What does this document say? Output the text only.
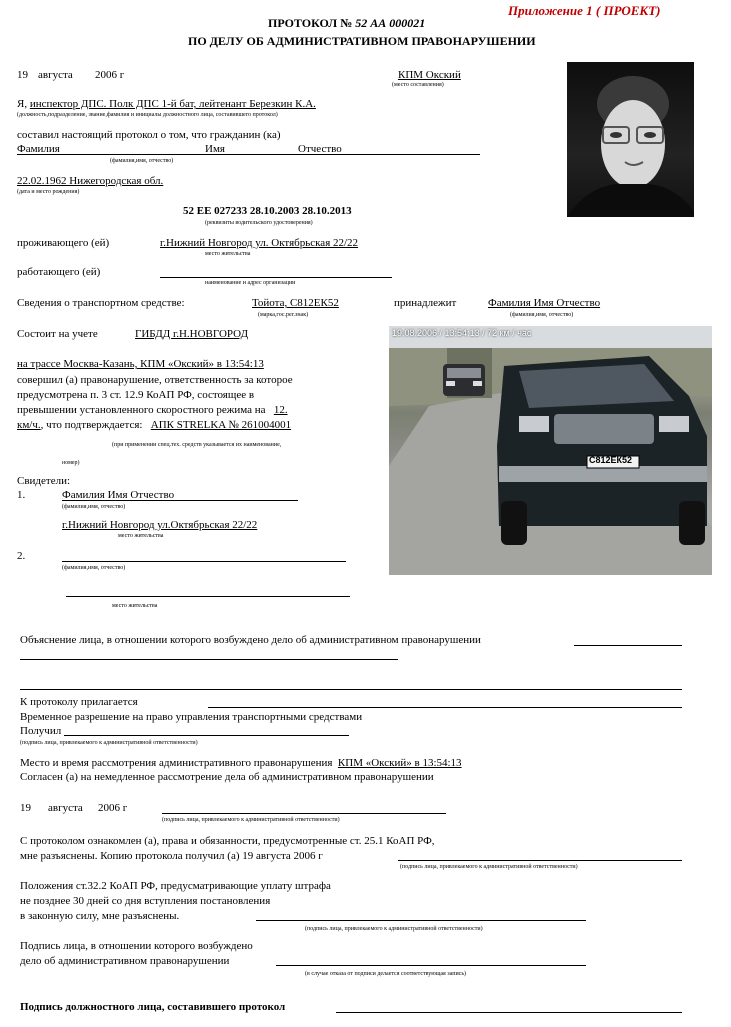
Приложение 1 ( ПРОЕКТ)
ПРОТОКОЛ № 52 АА 000021
ПО ДЕЛУ ОБ АДМИНИСТРАТИВНОМ ПРАВОНАРУШЕНИИ
19 августа 2006 г	КПМ Окский
(место составления)
Я, инспектор ДПС. Полк ДПС 1-й бат, лейтенант Березкин К.А.
(должность,подразделение, звание,фамилия и инициалы должностного лица, составившего протокол)
составил настоящий протокол о том, что гражданин (ка)
Фамилия	Имя	Отчество
(фамилия,имя, отчество)
22.02.1962 Нижегородская обл.
(дата и место рождения)
52 ЕЕ 027233 28.10.2003 28.10.2013
(реквизиты водительского удостоверения)
проживающего (ей)	г.Нижний Новгород ул. Октябрьская 22/22
место жительства
работающего (ей)
наименование и адрес организации
Сведения о транспортном средстве:	Тойота, С812ЕК52
(марка,гос.рег.знак)
принадлежит	Фамилия Имя Отчество
(фамилия,имя, отчество)
Состоит на учете	ГИБДД г.Н.НОВГОРОД	19.08.2006 / 13:54:13 / 72 км / час
С812ЕК52
на трассе Москва-Казань, КПМ «Окский» в 13:54:13
совершил (а) правонарушение, ответственность за которое
предусмотрена п. 3 ст. 12.9 КоАП РФ, состоящее в
превышении установленного скоростного режима на 12.
км/ч., что подтверждается: АПК STRELKA № 261004001
(при применении спец.тех. средств указывается их наименование,
номер)
Свидетели:
1.	Фамилия Имя Отчество
(фамилия,имя, отчество)
г.Нижний Новгород ул.Октябрьская 22/22
место жительства
2.
(фамилия,имя, отчество)
место жительства
Объяснение лица, в отношении которого возбуждено дело об административном правонарушении
К протоколу прилагается
Временное разрешение на право управления транспортными средствами
Получил
(подпись лица, привлекаемого к административной ответственности)
Место и время рассмотрения административного правонарушения КПМ «Окский» в 13:54:13
Согласен (а) на немедленное рассмотрение дела об административном правонарушении
19 августа 2006 г
(подпись лица, привлекаемого к административной ответственности)
С протоколом ознакомлен (а), права и обязанности, предусмотренные ст. 25.1 КоАП РФ,
мне разъяснены. Копию протокола получил (а) 19 августа 2006 г
(подпись лица, привлекаемого к административной ответственности)
Положения ст.32.2 КоАП РФ, предусматривающие уплату штрафа
не позднее 30 дней со дня вступления постановления
в законную силу, мне разъяснены.
(подпись лица, привлекаемого к административной ответственности)
Подпись лица, в отношении которого возбуждено
дело об административном правонарушении
(в случае отказа от подписи делается соответствующая запись)
Подпись должностного лица, составившего протокол
